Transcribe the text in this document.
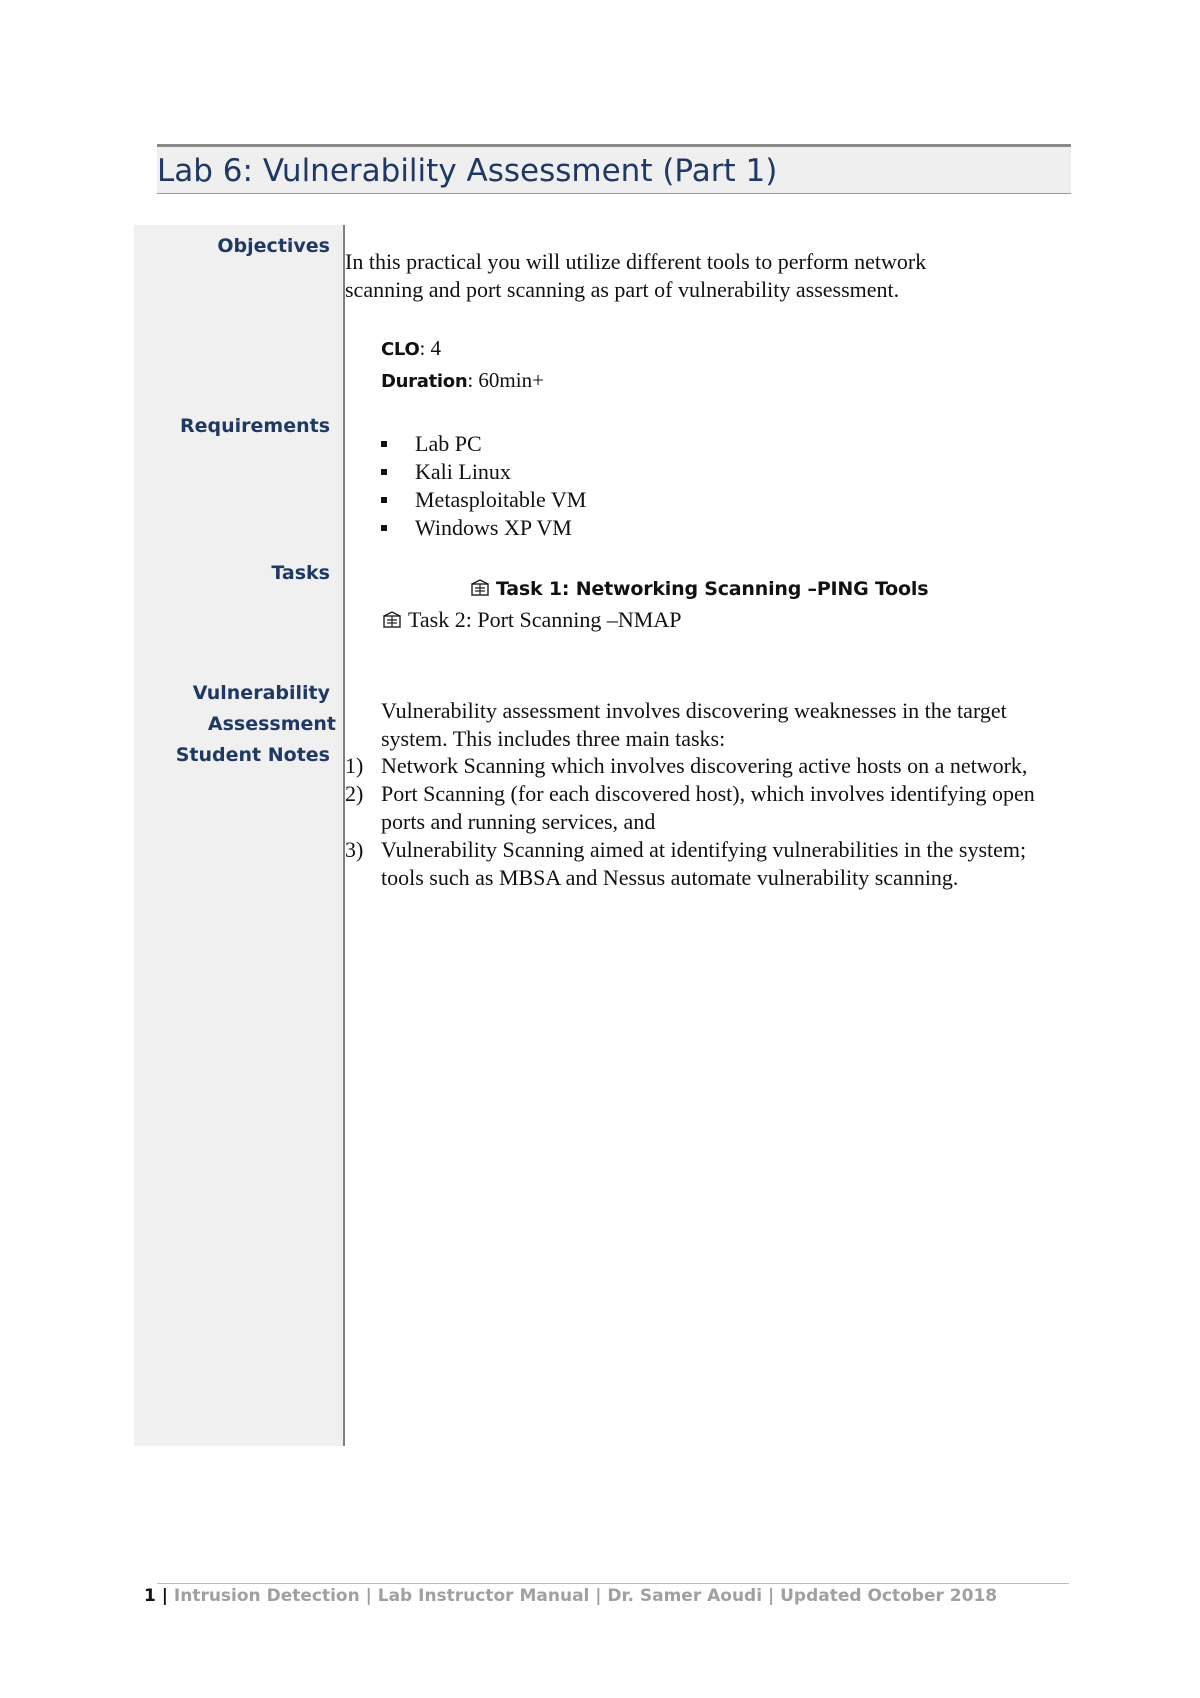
Lab 6: Vulnerability Assessment (Part 1)
Objectives
Requirements
Tasks
Vulnerability
Assessment
Student Notes
In this practical you will utilize different tools to perform network scanning and port scanning as part of vulnerability assessment.
CLO: 4
Duration: 60min+
Lab PC
Kali Linux
Metasploitable VM
Windows XP VM
Task 1: Networking Scanning –PING Tools
Task 2: Port Scanning –NMAP
Vulnerability assessment involves discovering weaknesses in the target system. This includes three main tasks:
1) Network Scanning which involves discovering active hosts on a network,
2) Port Scanning (for each discovered host), which involves identifying open ports and running services, and
3) Vulnerability Scanning aimed at identifying vulnerabilities in the system; tools such as MBSA and Nessus automate vulnerability scanning.
1 | Intrusion Detection | Lab Instructor Manual | Dr. Samer Aoudi | Updated October 2018
